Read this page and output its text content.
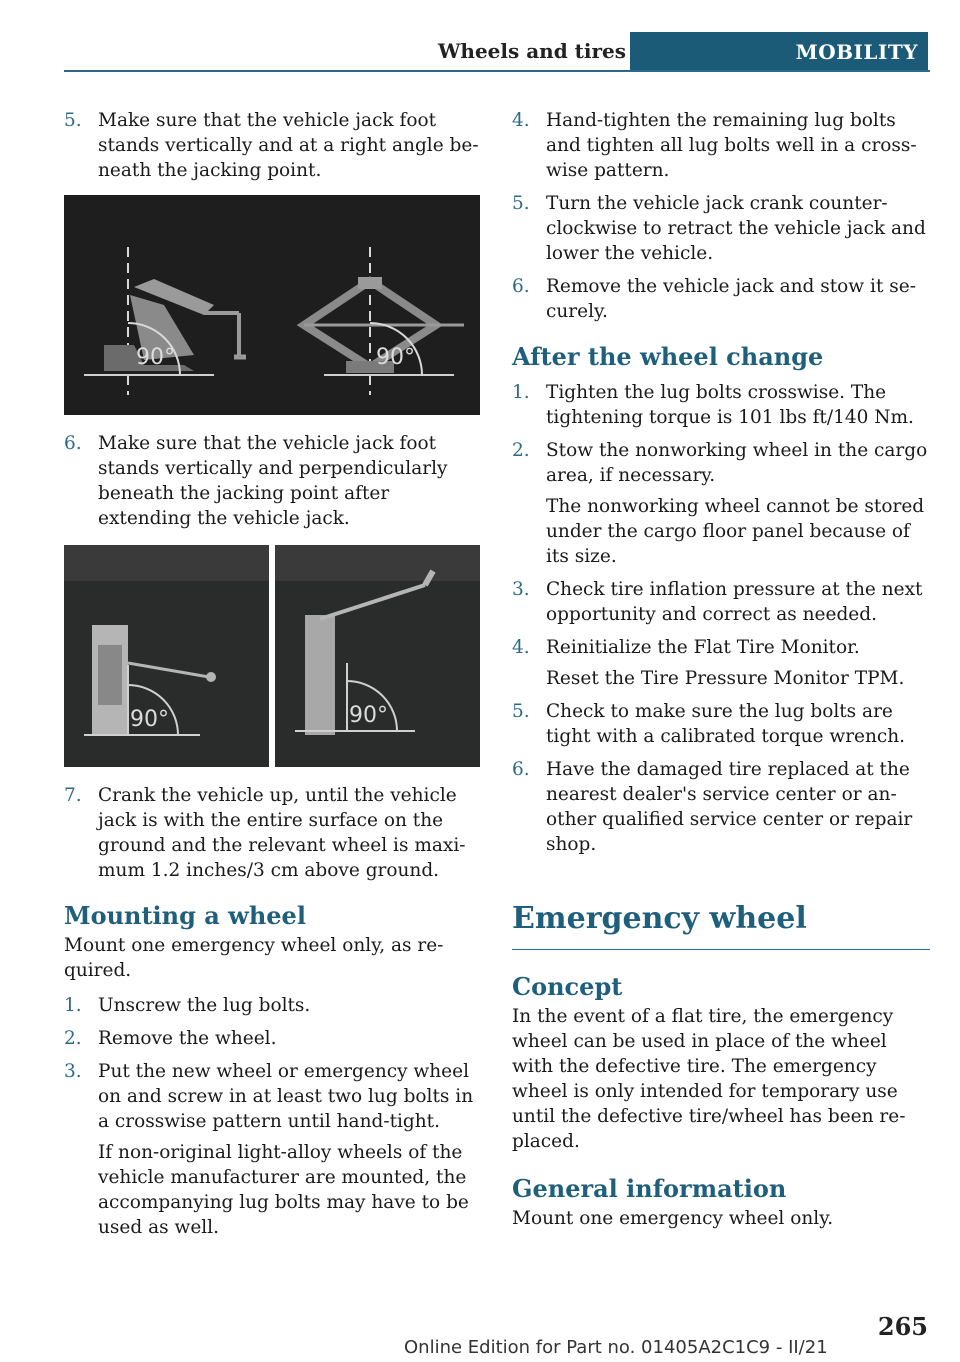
Wheels and tires	MOBILITY
5. Make sure that the vehicle jack foot stands vertically and at a right angle beneath the jacking point.
90°	90°
6. Make sure that the vehicle jack foot stands vertically and perpendicularly beneath the jacking point after extending the vehicle jack.
90°	90°
7. Crank the vehicle up, until the vehicle jack is with the entire surface on the ground and the relevant wheel is maximum 1.2 inches/3 cm above ground.
Mounting a wheel

Mount one emergency wheel only, as required.

1. Unscrew the lug bolts.
2. Remove the wheel.
3. Put the new wheel or emergency wheel on and screw in at least two lug bolts in a crosswise pattern until hand-tight.

If non-original light-alloy wheels of the vehicle manufacturer are mounted, the accompanying lug bolts may have to be used as well.

4. Hand-tighten the remaining lug bolts and tighten all lug bolts well in a crosswise pattern.
5. Turn the vehicle jack crank counterclockwise to retract the vehicle jack and lower the vehicle.
6. Remove the vehicle jack and stow it securely.
After the wheel change
1. Tighten the lug bolts crosswise. The tightening torque is 101 lbs ft/140 Nm.
2. Stow the nonworking wheel in the cargo area, if necessary.

The nonworking wheel cannot be stored under the cargo floor panel because of its size.

3. Check tire inflation pressure at the next opportunity and correct as needed.
4. Reinitialize the Flat Tire Monitor.

Reset the Tire Pressure Monitor TPM.

5. Check to make sure the lug bolts are tight with a calibrated torque wrench.
6. Have the damaged tire replaced at the nearest dealer's service center or another qualified service center or repair shop.
Emergency wheel
Concept

In the event of a flat tire, the emergency wheel can be used in place of the wheel with the defective tire. The emergency wheel is only intended for temporary use until the defective tire/wheel has been replaced.

General information

Mount one emergency wheel only.

265
Online Edition for Part no. 01405A2C1C9 - II/21
